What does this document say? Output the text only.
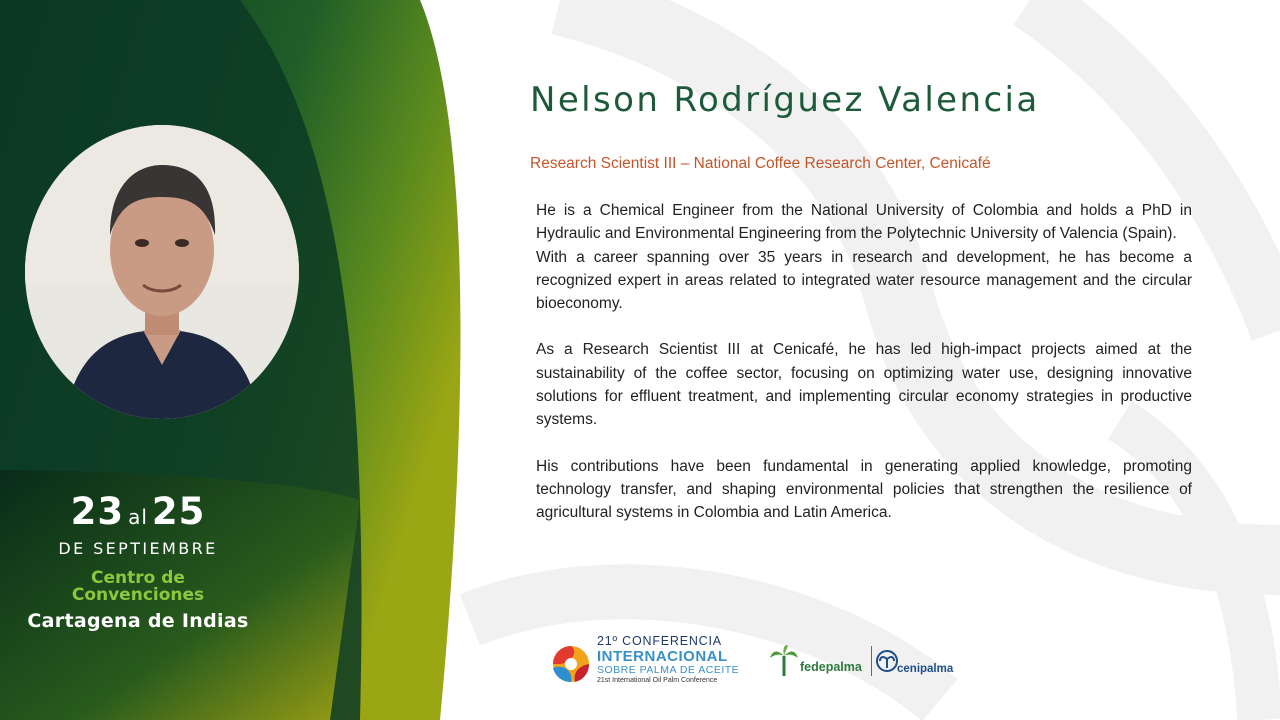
23 al 25
DE SEPTIEMBRE
Centro de
Convenciones
Cartagena de Indias
Nelson Rodríguez Valencia
Research Scientist III – National Coffee Research Center, Cenicafé

He is a Chemical Engineer from the National University of Colombia and holds a PhD in Hydraulic and Environmental Engineering from the Polytechnic University of Valencia (Spain).

With a career spanning over 35 years in research and development, he has become a recognized expert in areas related to integrated water resource management and the circular bioeconomy.

As a Research Scientist III at Cenicafé, he has led high-impact projects aimed at the sustainability of the coffee sector, focusing on optimizing water use, designing innovative solutions for effluent treatment, and implementing circular economy strategies in productive systems.

His contributions have been fundamental in generating applied knowledge, promoting technology transfer, and shaping environmental policies that strengthen the resilience of agricultural systems in Colombia and Latin America.

21º CONFERENCIA
INTERNACIONAL
SOBRE PALMA DE ACEITE
21st International Oil Palm Conference
fedepalma	cenipalma
